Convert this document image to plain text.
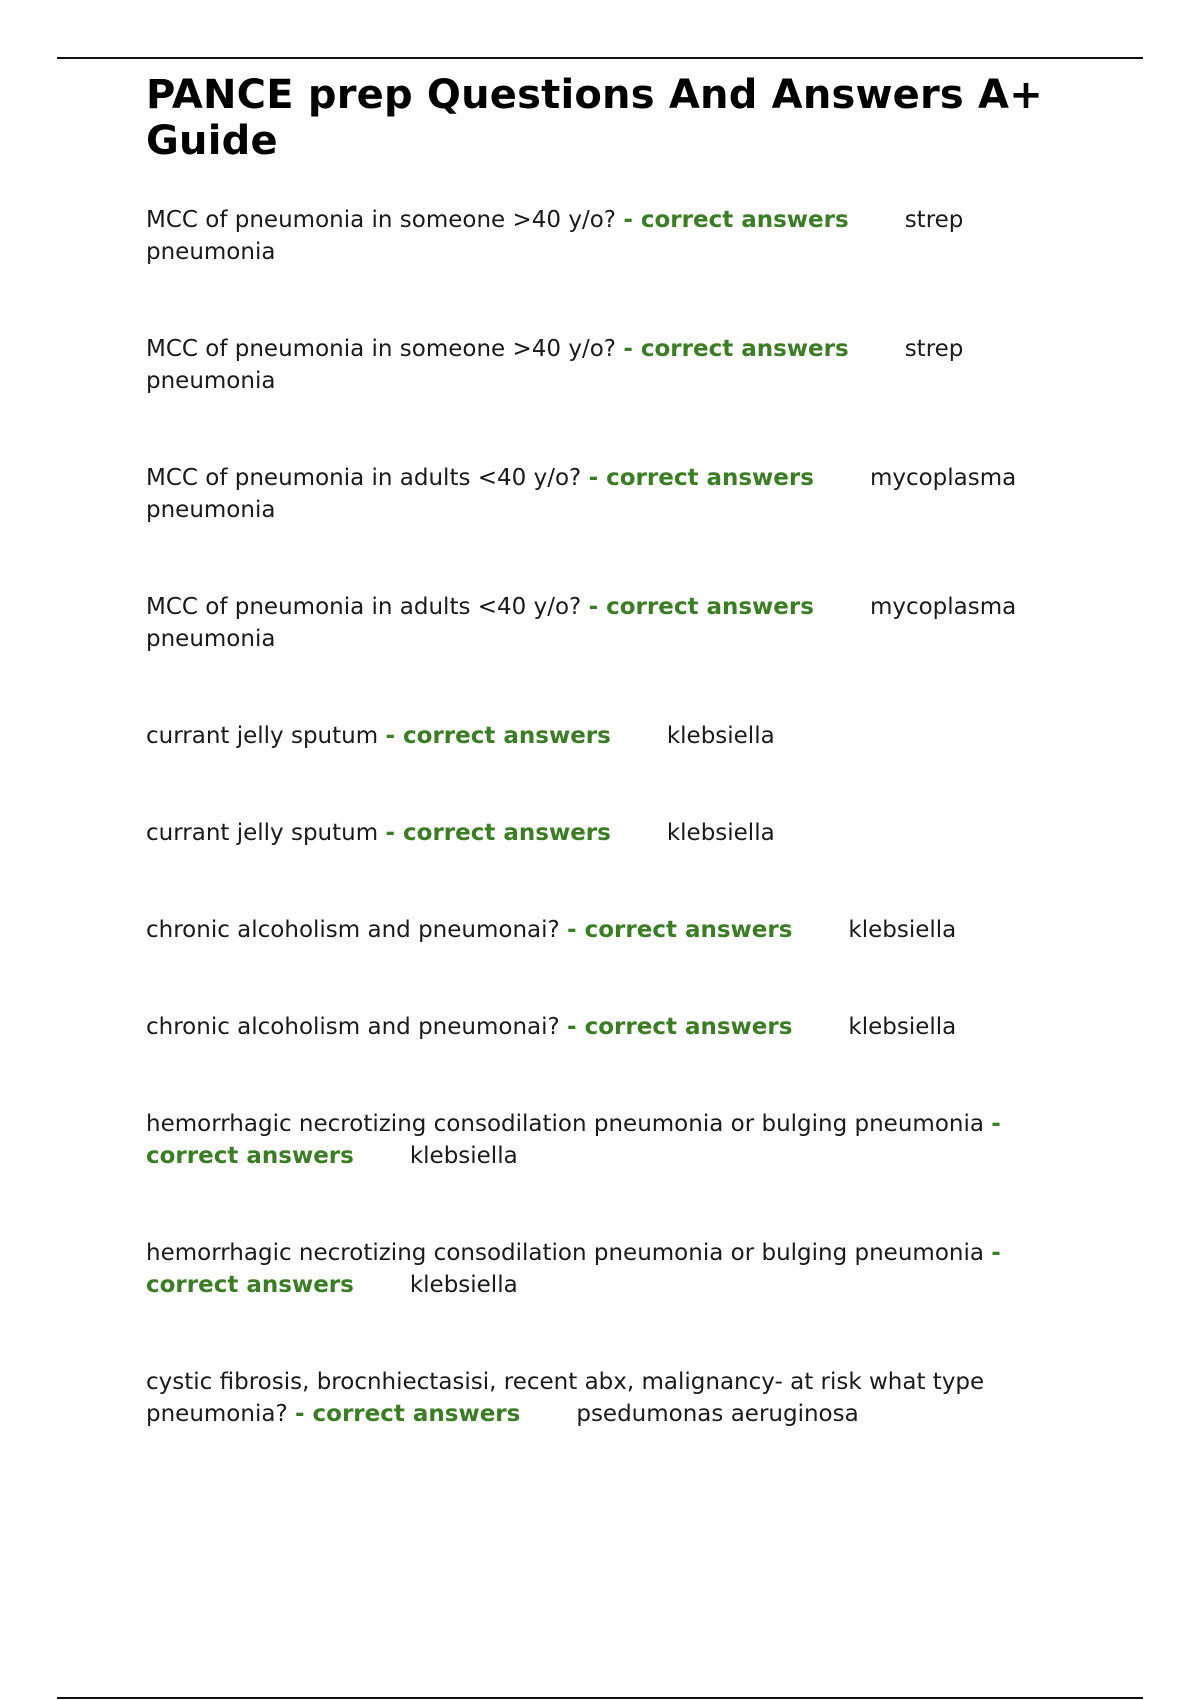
PANCE prep Questions And Answers A+ Guide

MCC of pneumonia in someone >40 y/o? - correct answers strep pneumonia

MCC of pneumonia in someone >40 y/o? - correct answers strep pneumonia

MCC of pneumonia in adults <40 y/o? - correct answers mycoplasma pneumonia

MCC of pneumonia in adults <40 y/o? - correct answers mycoplasma pneumonia

currant jelly sputum - correct answers klebsiella

currant jelly sputum - correct answers klebsiella

chronic alcoholism and pneumonai? - correct answers klebsiella

chronic alcoholism and pneumonai? - correct answers klebsiella

hemorrhagic necrotizing consodilation pneumonia or bulging pneumonia - correct answers klebsiella

hemorrhagic necrotizing consodilation pneumonia or bulging pneumonia - correct answers klebsiella

cystic fibrosis, brocnhiectasisi, recent abx, malignancy- at risk what type pneumonia? - correct answers psedumonas aeruginosa
